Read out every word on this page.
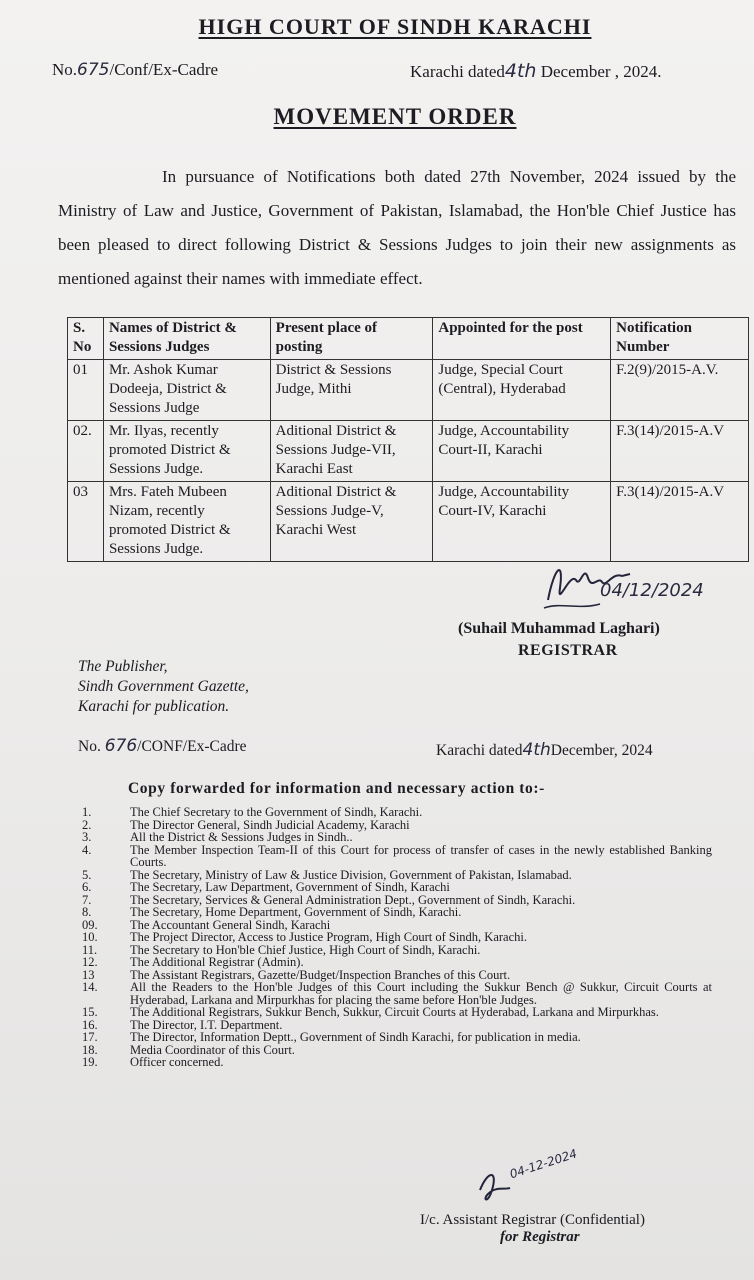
HIGH COURT OF SINDH KARACHI
No.675/Conf/Ex-Cadre	Karachi dated4th December , 2024.
MOVEMENT ORDER
In pursuance of Notifications both dated 27th November, 2024 issued by the Ministry of Law and Justice, Government of Pakistan, Islamabad, the Hon'ble Chief Justice has been pleased to direct following District & Sessions Judges to join their new assignments as mentioned against their names with immediate effect.
S. No	Names of District & Sessions Judges	Present place of posting	Appointed for the post	Notification Number
01	Mr. Ashok Kumar Dodeeja, District & Sessions Judge	District & Sessions Judge, Mithi	Judge, Special Court (Central), Hyderabad	F.2(9)/2015-A.V.
02.	Mr. Ilyas, recently promoted District & Sessions Judge.	Aditional District & Sessions Judge-VII, Karachi East	Judge, Accountability Court-II, Karachi	F.3(14)/2015-A.V
03	Mrs. Fateh Mubeen Nizam, recently promoted District & Sessions Judge.	Aditional District & Sessions Judge-V, Karachi West	Judge, Accountability Court-IV, Karachi	F.3(14)/2015-A.V
04/12/2024
(Suhail Muhammad Laghari)
REGISTRAR
The Publisher,
Sindh Government Gazette,
Karachi for publication.
No. 676/CONF/Ex-Cadre	Karachi dated4thDecember, 2024
Copy forwarded for information and necessary action to:-
1.	The Chief Secretary to the Government of Sindh, Karachi.
2.	The Director General, Sindh Judicial Academy, Karachi
3.	All the District & Sessions Judges in Sindh..
4.	The Member Inspection Team-II of this Court for process of transfer of cases in the newly established Banking Courts.
5.	The Secretary, Ministry of Law & Justice Division, Government of Pakistan, Islamabad.
6.	The Secretary, Law Department, Government of Sindh, Karachi
7.	The Secretary, Services & General Administration Dept., Government of Sindh, Karachi.
8.	The Secretary, Home Department, Government of Sindh, Karachi.
09.	The Accountant General Sindh, Karachi
10.	The Project Director, Access to Justice Program, High Court of Sindh, Karachi.
11.	The Secretary to Hon'ble Chief Justice, High Court of Sindh, Karachi.
12.	The Additional Registrar (Admin).
13	The Assistant Registrars, Gazette/Budget/Inspection Branches of this Court.
14.	All the Readers to the Hon'ble Judges of this Court including the Sukkur Bench @ Sukkur, Circuit Courts at Hyderabad, Larkana and Mirpurkhas for placing the same before Hon'ble Judges.
15.	The Additional Registrars, Sukkur Bench, Sukkur, Circuit Courts at Hyderabad, Larkana and Mirpurkhas.
16.	The Director, I.T. Department.
17.	The Director, Information Deptt., Government of Sindh Karachi, for publication in media.
18.	Media Coordinator of this Court.
19.	Officer concerned.
04-12-2024
I/c. Assistant Registrar (Confidential)
for Registrar
